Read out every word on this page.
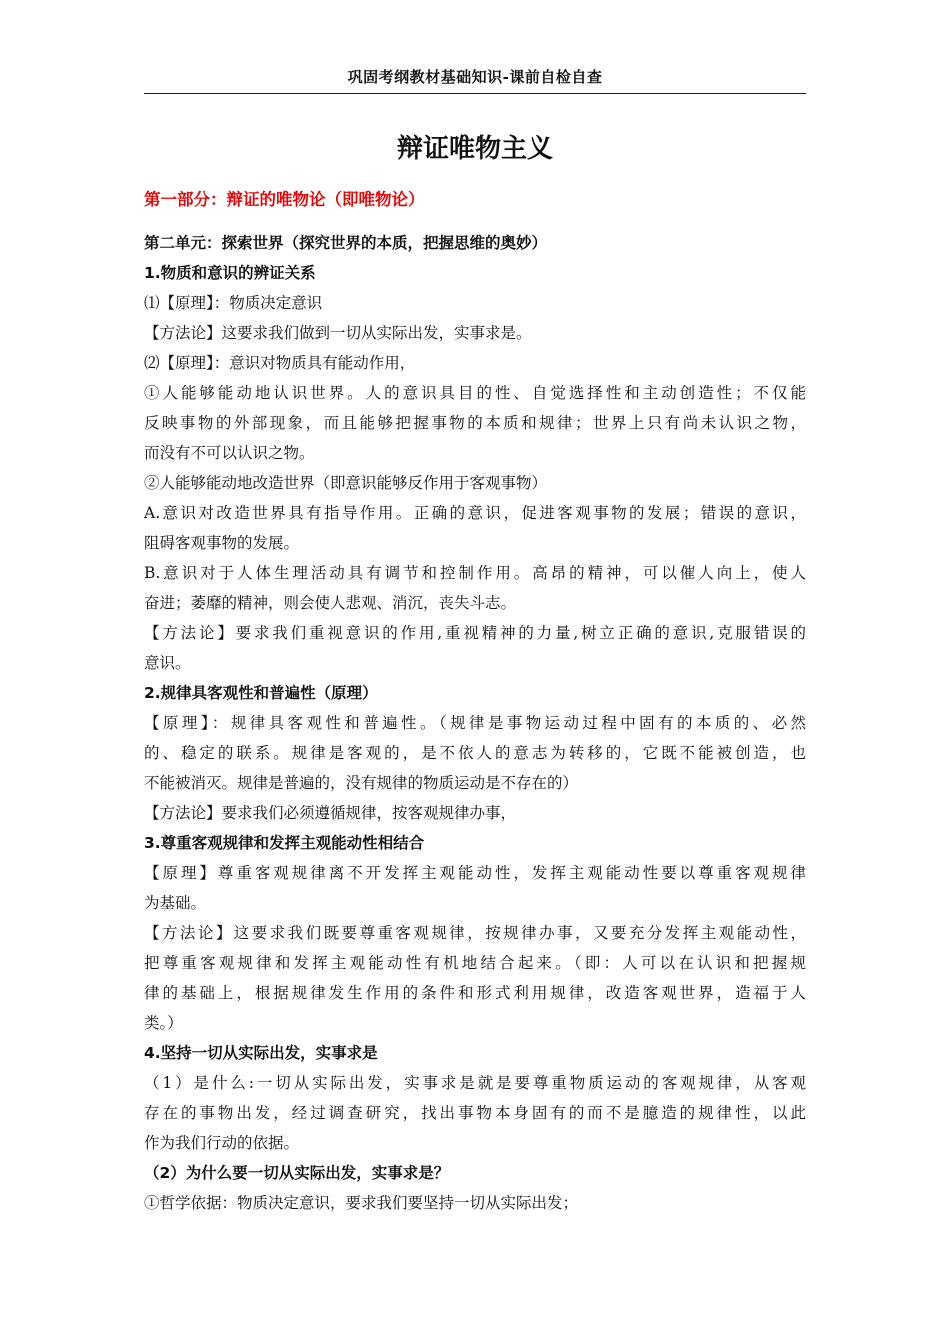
巩固考纲教材基础知识-课前自检自查
辩证唯物主义
第一部分：辩证的唯物论（即唯物论）
第二单元：探索世界（探究世界的本质，把握思维的奥妙）
1.物质和意识的辨证关系
⑴【原理】：物质决定意识
【方法论】这要求我们做到一切从实际出发，实事求是。
⑵【原理】：意识对物质具有能动作用，
①人能够能动地认识世界。人的意识具目的性、自觉选择性和主动创造性；不仅能
反映事物的外部现象，而且能够把握事物的本质和规律；世界上只有尚未认识之物，
而没有不可以认识之物。
②人能够能动地改造世界（即意识能够反作用于客观事物）
A.意识对改造世界具有指导作用。正确的意识，促进客观事物的发展；错误的意识，
阻碍客观事物的发展。
B.意识对于人体生理活动具有调节和控制作用。高昂的精神，可以催人向上，使人
奋进；萎靡的精神，则会使人悲观、消沉，丧失斗志。
【方法论】要求我们重视意识的作用,重视精神的力量,树立正确的意识,克服错误的
意识。
2.规律具客观性和普遍性（原理）
【原理】：规律具客观性和普遍性。（规律是事物运动过程中固有的本质的、必然
的、稳定的联系。规律是客观的，是不依人的意志为转移的，它既不能被创造，也
不能被消灭。规律是普遍的，没有规律的物质运动是不存在的）
【方法论】要求我们必须遵循规律，按客观规律办事，
3.尊重客观规律和发挥主观能动性相结合
【原理】尊重客观规律离不开发挥主观能动性，发挥主观能动性要以尊重客观规律
为基础。
【方法论】这要求我们既要尊重客观规律，按规律办事，又要充分发挥主观能动性，
把尊重客观规律和发挥主观能动性有机地结合起来。（即：人可以在认识和把握规
律的基础上，根据规律发生作用的条件和形式利用规律，改造客观世界，造福于人
类。）
4.坚持一切从实际出发，实事求是
（1）是什么:一切从实际出发，实事求是就是要尊重物质运动的客观规律，从客观
存在的事物出发，经过调查研究，找出事物本身固有的而不是臆造的规律性，以此
作为我们行动的依据。
（2）为什么要一切从实际出发，实事求是？
①哲学依据：物质决定意识，要求我们要坚持一切从实际出发；
